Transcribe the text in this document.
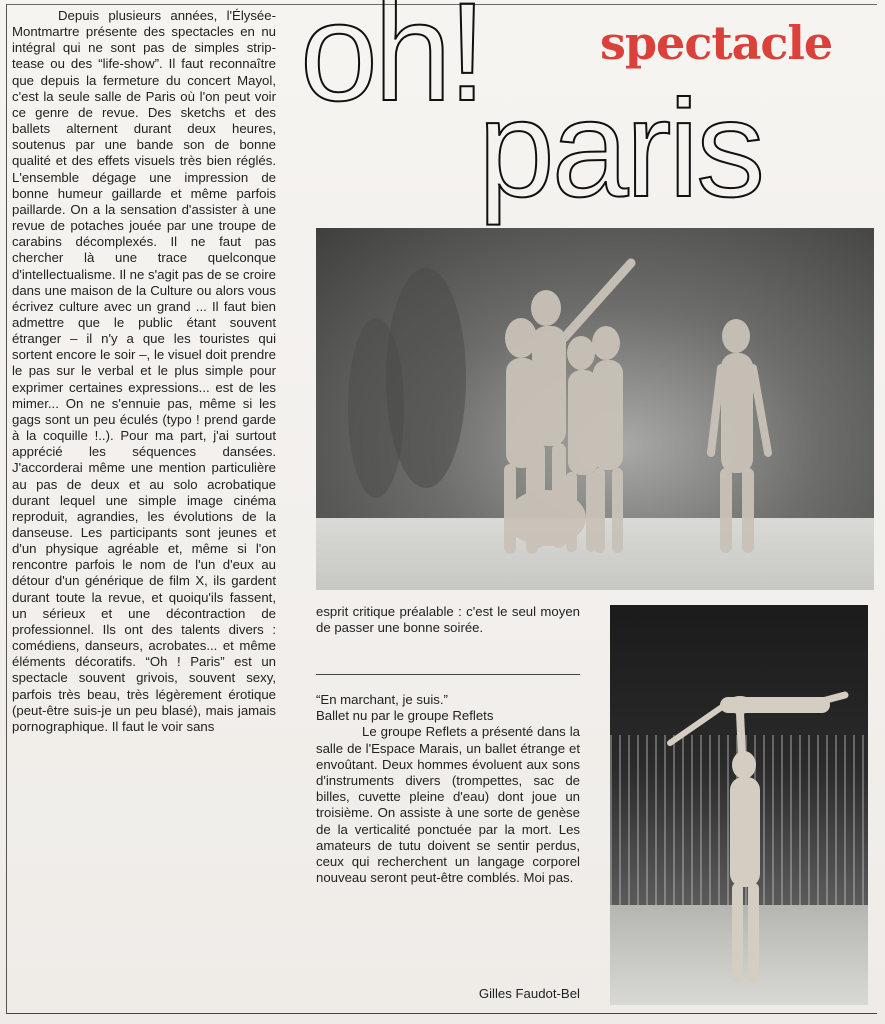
Depuis plusieurs années, l'Élysée-Montmartre présente des spectacles en nu intégral qui ne sont pas de simples strip-tease ou des “life-show”. Il faut reconnaître que depuis la fermeture du concert Mayol, c'est la seule salle de Paris où l'on peut voir ce genre de revue. Des sketchs et des ballets alternent durant deux heures, soutenus par une bande son de bonne qualité et des effets visuels très bien réglés. L'ensemble dégage une impression de bonne humeur gaillarde et même parfois paillarde. On a la sensation d'assister à une revue de potaches jouée par une troupe de carabins décomplexés. Il ne faut pas chercher là une trace quelconque d'intellectualisme. Il ne s'agit pas de se croire dans une maison de la Culture ou alors vous écrivez culture avec un grand ... Il faut bien admettre que le public étant souvent étranger – il n'y a que les touristes qui sortent encore le soir –, le visuel doit prendre le pas sur le verbal et le plus simple pour exprimer certaines expressions... est de les mimer... On ne s'ennuie pas, même si les gags sont un peu éculés (typo ! prend garde à la coquille !..). Pour ma part, j'ai surtout apprécié les séquences dansées. J'accorderai même une mention particulière au pas de deux et au solo acrobatique durant lequel une simple image cinéma reproduit, agrandies, les évolutions de la danseuse. Les participants sont jeunes et d'un physique agréable et, même si l'on rencontre parfois le nom de l'un d'eux au détour d'un générique de film X, ils gardent durant toute la revue, et quoiqu'ils fassent, un sérieux et une décontraction de professionnel. Ils ont des talents divers : comédiens, danseurs, acrobates... et même éléments décoratifs. “Oh ! Paris” est un spectacle souvent grivois, souvent sexy, parfois très beau, très légèrement érotique (peut-être suis-je un peu blasé), mais jamais pornographique. Il faut le voir sans

oh!
paris
spectacle

esprit critique préalable : c'est le seul moyen de passer une bonne soirée.

“En marchant, je suis.”

Ballet nu par le groupe Reflets

Le groupe Reflets a présenté dans la salle de l'Espace Marais, un ballet étrange et envoûtant. Deux hommes évoluent aux sons d'instruments divers (trompettes, sac de billes, cuvette pleine d'eau) dont joue un troisième. On assiste à une sorte de genèse de la verticalité ponctuée par la mort. Les amateurs de tutu doivent se sentir perdus, ceux qui recherchent un langage corporel nouveau seront peut-être comblés. Moi pas.

Gilles Faudot-Bel
